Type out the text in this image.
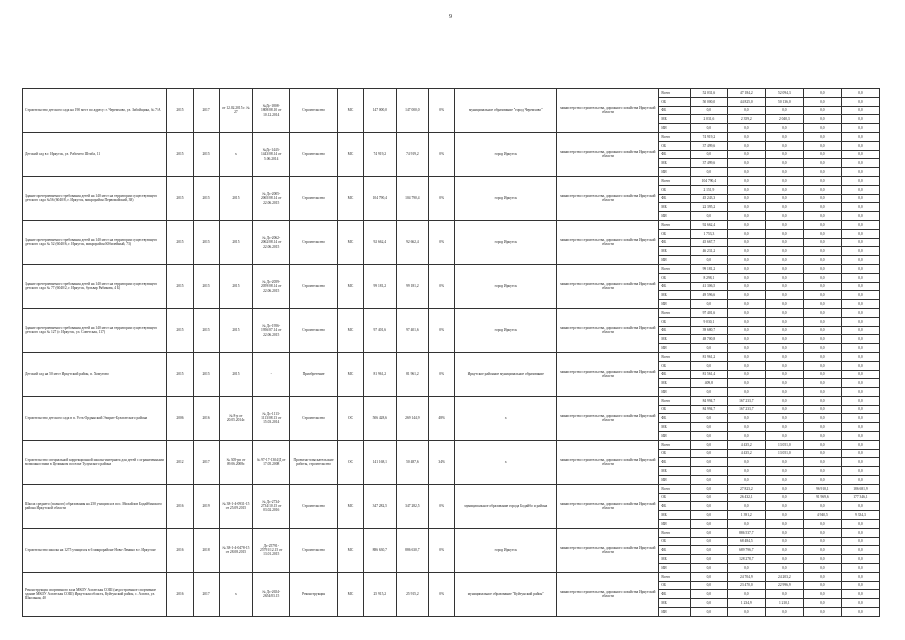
9
Строительство детского сада на 190 мест по адресу: г. Черемхово, ул. Забойщика, № 7/А	2015	2017	от 12.02.2015 г. № 27	№Дс-1808-1808/08.10 от 10.12.2014	Строительство	МС	147 000,0	147 000,0	0%	муниципальное образование "город Черемхово"	министерство строительства, дорожного хозяйства Иркутской области	Всего	52 031,6	47 184,2	52 094,3	0,0	0,0
												ОБ	50 000,0	44 825,0	50 136,0	0,0	0,0
												ФБ	0,0	0,0	0,0	0,0	0,0
												МБ	2 031,6	2 359,2	2 040,3	0,0	0,0
												ИИ	0,0	0,0	0,0	0,0	0,0
Детский сад в г. Иркутск, ул. Рабочего Штаба, 11	2015	2015	х	№Дс-1443-1443/08.14 от 5.06.2014	Строительство	МС	74 919,2	74 919,2	0%	город Иркутск	министерство строительства, дорожного хозяйства Иркутской области	Всего	74 919,2	0,0	0,0	0,0	0,0
												ОБ	37 499,6	0,0	0,0	0,0	0,0
												ФБ	0,0	0,0	0,0	0,0	0,0
												МБ	37 499,6	0,0	0,0	0,0	0,0
												ИИ	0,0	0,0	0,0	0,0	0,0
Здание претерпеваемого требования детей на 140 мест на территории существующего детского сада №56 (6040/8, г. Иркутск, микрорайон Первомайский, 38)	2015	2015	2015	№ Дс-2005-2065/08.14 от 22.06.2015	Строительство	МС	104 790,4	104 790,4	0%	город Иркутск	министерство строительства, дорожного хозяйства Иркутской области	Всего	104 790,4	0,0	0,0	0,0	0,0
												ОБ	2 151,9	0,0	0,0	0,0	0,0
												ФБ	45 243,3	0,0	0,0	0,0	0,0
												МБ	22 395,2	0,0	0,0	0,0	0,0
												ИИ	0,0	0,0	0,0	0,0	0,0
Здание претерпеваемого требования детей на 140 мест на территории существующего детского сада № 52 (6040/6, г. Иркутск, микрорайон Юбилейный, 73)	2015	2015	2015	№ Дс-2062-2062/08.14 от 22.06.2015	Строительство	МС	92 662,4	92 662,4	0%	город Иркутск	министерство строительства, дорожного хозяйства Иркутской области	Всего	92 662,4	0,0	0,0	0,0	0,0
												ОБ	1 753,3	0,0	0,0	0,0	0,0
												ФБ	45 667,7	0,0	0,0	0,0	0,0
												МБ	46 231,2	0,0	0,0	0,0	0,0
												ИИ	0,0	0,0	0,0	0,0	0,0
Здание претерпеваемого требования детей на 140 мест на территории существующего детского сада № 77 (6040/2, г. Иркутск, бульвар Рябикова, 4 Б)	2015	2015	2015	№ Дс-2059-2059/08.14 от 22.06.2015	Строительство	МС	99 181,2	99 181,2	0%	город Иркутск	министерство строительства, дорожного хозяйства Иркутской области	Всего	99 181,2	0,0	0,0	0,0	0,0
												ОБ	8 298,1	0,0	0,0	0,0	0,0
												ФБ	41 306,5	0,0	0,0	0,0	0,0
												МБ	49 596,6	0,0	0,0	0,0	0,0
												ИИ	0,0	0,0	0,0	0,0	0,0
Здание претерпеваемого требования детей на 140 мест на территории существующего детского сада № 127 (г. Иркутск, ул. Советская, 117)	2015	2015	2015	№ Дс-1956-1956/07.14 от 22.06.2015	Строительство	МС	97 401,6	97 401,6	0%	город Иркутск	министерство строительства, дорожного хозяйства Иркутской области	Всего	97 401,6	0,0	0,0	0,0	0,0
												ОБ	9 030,1	0,0	0,0	0,0	0,0
												ФБ	39 680,7	0,0	0,0	0,0	0,0
												МБ	48 700,8	0,0	0,0	0,0	0,0
												ИИ	0,0	0,0	0,0	0,0	0,0
Детский сад на 50 мест Иркутский район, п. Хомутово	2015	2015	2015	-	Приобретение	МС	81 961,2	81 961,2	0%	Иркутское районное муниципальное образование	министерство строительства, дорожного хозяйства Иркутской области	Всего	81 961,2	0,0	0,0	0,0	0,0
												ОБ	0,0	0,0	0,0	0,0	0,0
												ФБ	81 561,4	0,0	0,0	0,0	0,0
												МБ	409,8	0,0	0,0	0,0	0,0
												ИИ	0,0	0,0	0,0	0,0	0,0
Строительство детского сада в п. Усть-Ордынский Эхирит-Булагатского района	2006	2016	№ 8-р от 20.05.2014г.	№ Дс-1113-1113/08.13 от 15.03.2014	Строительство	ОС	506 428,6	269 144,9	48%	х	министерство строительства, дорожного хозяйства Иркутской области	Всего	84 994,7	167 233,7	0,0	0,0	0,0
												ОБ	84 994,7	167 233,7	0,0	0,0	0,0
												ФБ	0,0	0,0	0,0	0,0	0,0
												МБ	0,0	0,0	0,0	0,0	0,0
												ИИ	0,0	0,0	0,0	0,0	0,0
Строительство специальной коррекционной школы-интерната для детей с ограниченными возможностями в Целинном поселке Тулунского района	2012	2017	№ 305-рп от 09.06.2008г.	№ 97-17-1304/Д от 17.05.2008	Проектно-изыскательские работы, строительство	ОС	141 168,1	50 487,6	34%	х	министерство строительства, дорожного хозяйства Иркутской области	Всего	0,0	4 435,2	13 051,0	0,0	0,0
												ОБ	0,0	4 435,2	13 051,0	0,0	0,0
												ФБ	0,0	0,0	0,0	0,0	0,0
												МБ	0,0	0,0	0,0	0,0	0,0
												ИИ	0,0	0,0	0,0	0,0	0,0
Школа среднего (полного) образования на 250 учащихся в пос. Михайлов Бодайбинского района Иркутской области	2016	2019	№ 38-1-4-0931-15 от 25.09.2015	№ Дс-2734-2734/10.15 от 03.02.2016	Строительство	МС	347 282,5	347 282,5	0%	муниципальное образование города Бодайбо и района	министерство строительства, дорожного хозяйства Иркутской области	Всего	0,0	27 823,2	0,0	96 910,1	186 681,9
												ОБ	0,0	26 432,1	0,0	91 969,6	177 346,1
												ФБ	0,0	0,0	0,0	0,0	0,0
												МБ	0,0	1 391,2	0,0	4 940,5	9 334,3
												ИИ	0,0	0,0	0,0	0,0	0,0
Строительство школы на 1275 учащихся в 6 микрорайоне Ново-Ленино в г. Иркутске	2016	2018	№ 38-1-4-0478-15 от 28.08.2015	Дс-25791-25791/12.15 от 13.01.2015	Строительство	МС	886 630,7	886 630,7	0%	город Иркутск	министерство строительства, дорожного хозяйства Иркутской области	Всего	0,0	886 537,7	0,0	0,0	0,0
												ОБ	0,0	68 484,5	0,0	0,0	0,0
												ФБ	0,0	689 796,7	0,0	0,0	0,0
												МБ	0,0	128 278,7	0,0	0,0	0,0
												ИИ	0,0	0,0	0,0	0,0	0,0
Реконструкция спортивного зала МКОУ Алгатская СОШ (недостроенное спортивное здание МКОУ Алгатская СОШ) Иркутская область, Куйтунский район, с. Алгата, ул. Школьная, 40	2016	2017	х	№ Дс-2654-2654/03.15	Реконструкция	МС	25 915,2	25 915,2	0%	муниципальное образование "Куйтунский район"	министерство строительства, дорожного хозяйства Иркутской области	Всего	0,0	24 704,9	24 203,2	0,0	0,0
												ОБ	0,0	23 470,0	22 996,9	0,0	0,0
												ФБ	0,0	0,0	0,0	0,0	0,0
												МБ	0,0	1 234,9	1 210,1	0,0	0,0
												ИИ	0,0	0,0	0,0	0,0	0,0
